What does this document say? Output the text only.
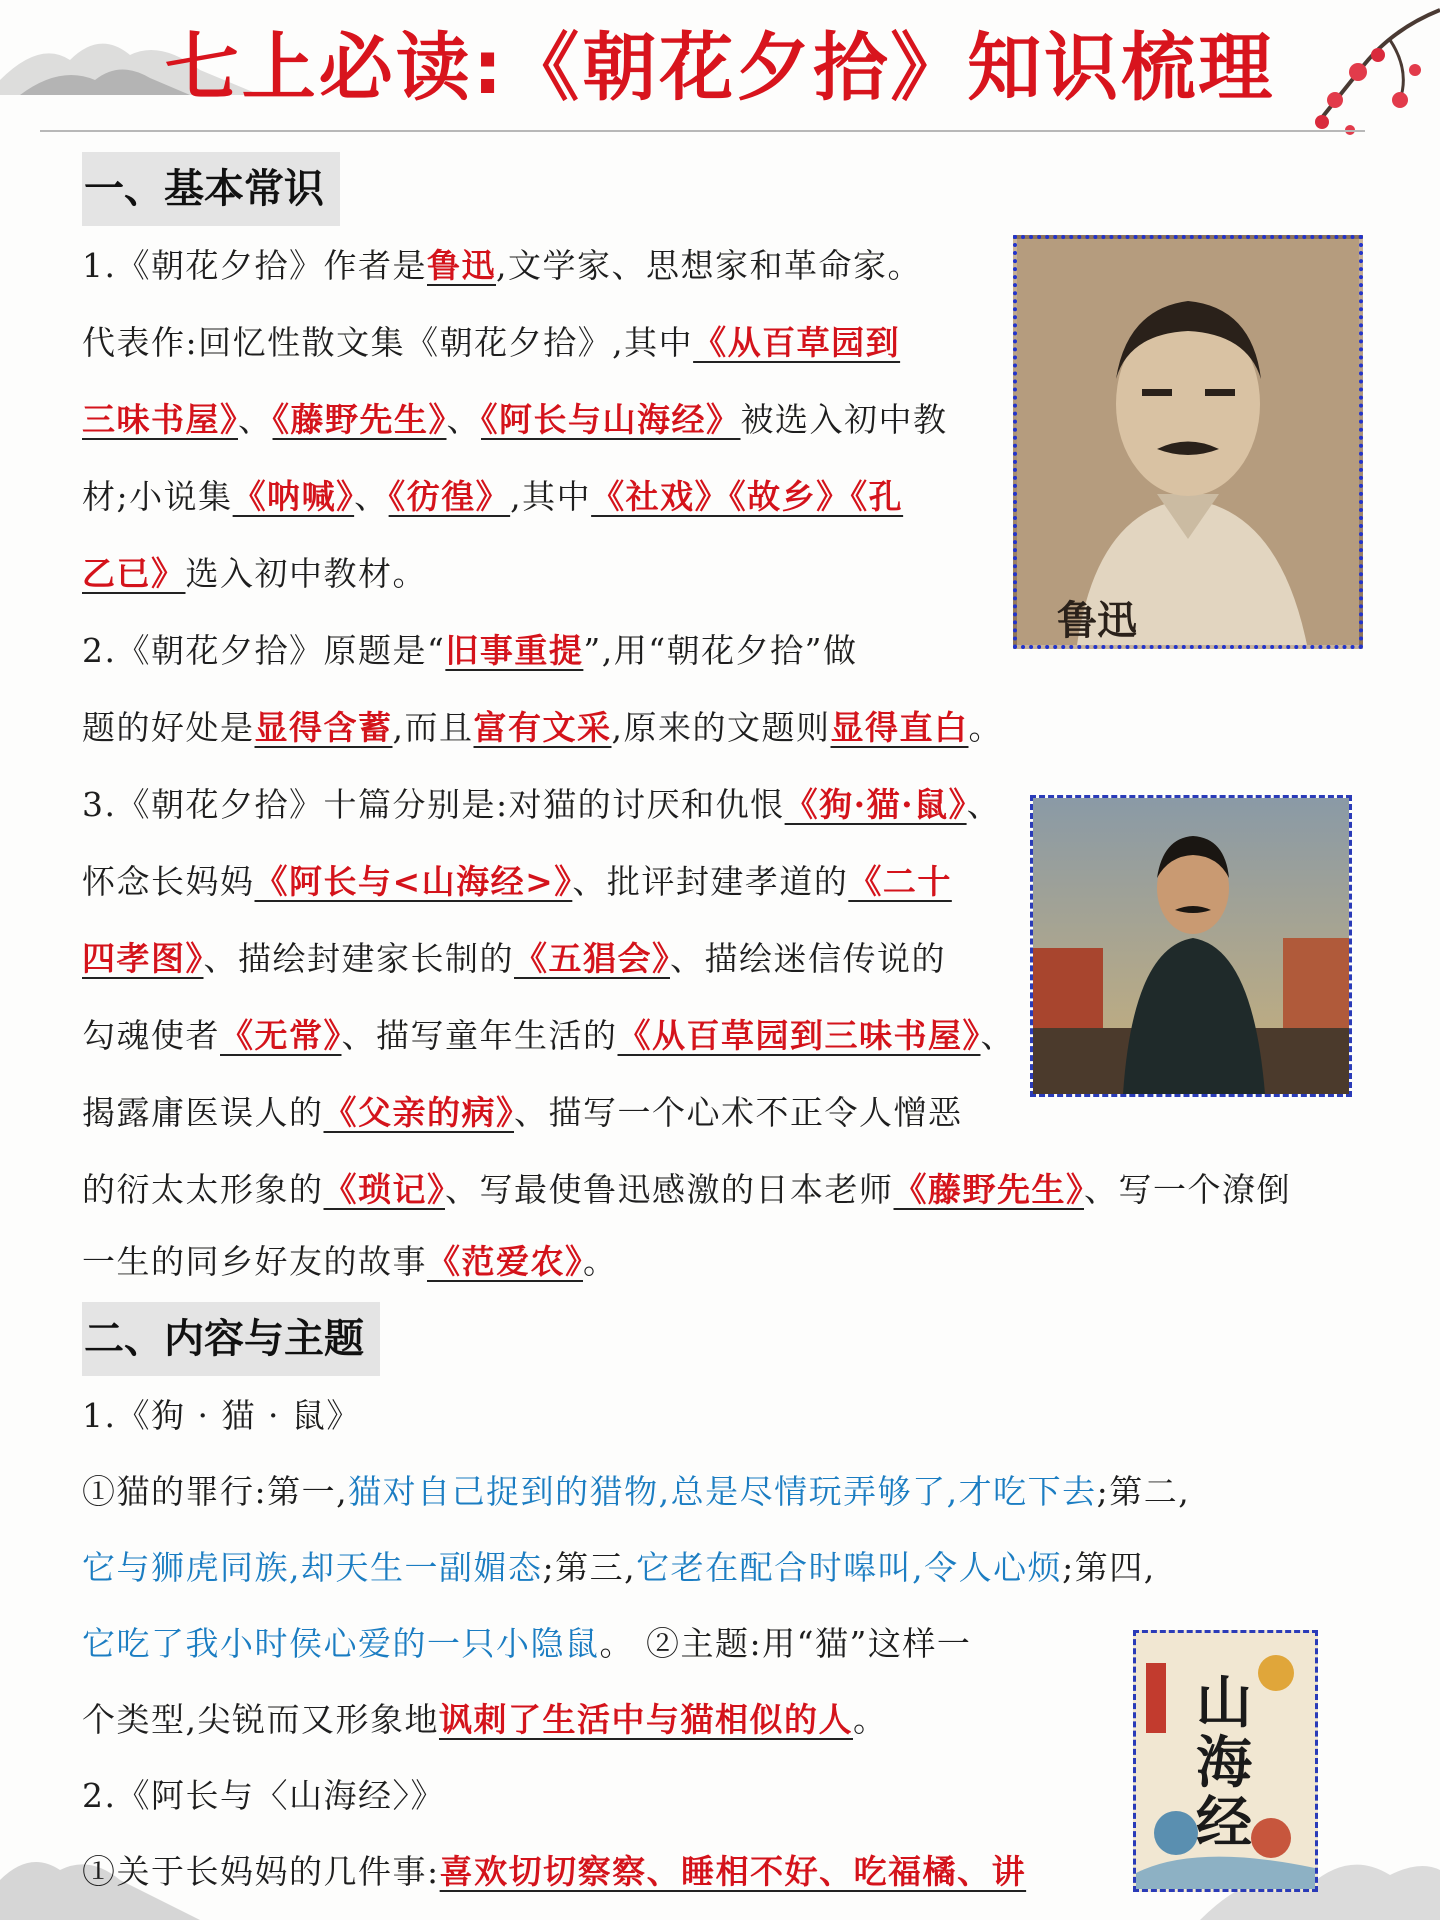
七上必读:《朝花夕拾》知识梳理
一、基本常识
二、内容与主题
1.《朝花夕拾》作者是鲁迅,文学家、思想家和革命家。
代表作:回忆性散文集《朝花夕拾》,其中《从百草园到
三味书屋》、《藤野先生》、《阿长与山海经》被选入初中教
材;小说集《呐喊》、《彷徨》,其中《社戏》《故乡》《孔
乙已》选入初中教材。
2.《朝花夕拾》原题是“旧事重提”,用“朝花夕拾”做
题的好处是显得含蓄,而且富有文采,原来的文题则显得直白。
3.《朝花夕拾》十篇分别是:对猫的讨厌和仇恨《狗·猫·鼠》、
怀念长妈妈《阿长与<山海经>》、批评封建孝道的《二十
四孝图》、描绘封建家长制的《五猖会》、描绘迷信传说的
勾魂使者《无常》、描写童年生活的《从百草园到三味书屋》、
揭露庸医误人的《父亲的病》、描写一个心术不正令人憎恶
的衍太太形象的《琐记》、写最使鲁迅感激的日本老师《藤野先生》、写一个潦倒
一生的同乡好友的故事《范爱农》。
1.《狗 · 猫 · 鼠》
①猫的罪行:第一,猫对自己捉到的猎物,总是尽情玩弄够了,才吃下去;第二,
它与狮虎同族,却天生一副媚态;第三,它老在配合时嗥叫,令人心烦;第四,
它吃了我小时侯心爱的一只小隐鼠。 ②主题:用“猫”这样一
个类型,尖锐而又形象地讽刺了生活中与猫相似的人。
2.《阿长与〈山海经〉》
①关于长妈妈的几件事:喜欢切切察察、睡相不好、吃福橘、讲
鲁迅
山海经
